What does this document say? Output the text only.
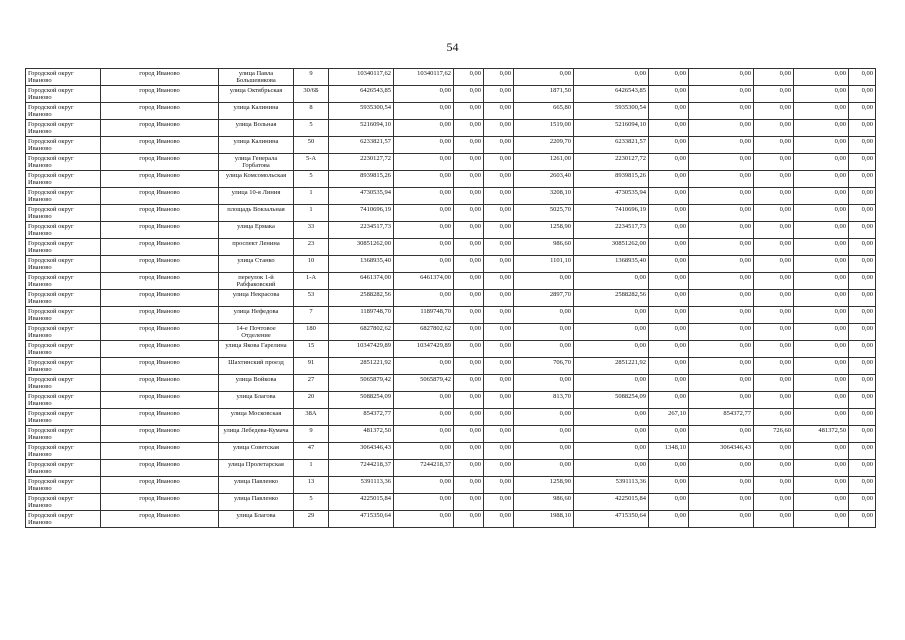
54
Городской округ Иваново	город Иваново	улица Павла Большевикова	9	10340117,62	10340117,62	0,00	0,00	0,00	0,00	0,00	0,00	0,00	0,00	0,00
Городской округ Иваново	город Иваново	улица Октябрьская	30/6Б	6426543,85	0,00	0,00	0,00	1871,50	6426543,85	0,00	0,00	0,00	0,00	0,00
Городской округ Иваново	город Иваново	улица Калинина	8	5935300,54	0,00	0,00	0,00	665,80	5935300,54	0,00	0,00	0,00	0,00	0,00
Городской округ Иваново	город Иваново	улица Вольная	5	5216094,10	0,00	0,00	0,00	1519,00	5216094,10	0,00	0,00	0,00	0,00	0,00
Городской округ Иваново	город Иваново	улица Калинина	50	6233821,57	0,00	0,00	0,00	2209,70	6233821,57	0,00	0,00	0,00	0,00	0,00
Городской округ Иваново	город Иваново	улица Генерала Горбатова	5-А	2230127,72	0,00	0,00	0,00	1261,00	2230127,72	0,00	0,00	0,00	0,00	0,00
Городской округ Иваново	город Иваново	улица Комсомольская	5	8939815,26	0,00	0,00	0,00	2603,40	8939815,26	0,00	0,00	0,00	0,00	0,00
Городской округ Иваново	город Иваново	улица 10-я Линия	1	4730535,94	0,00	0,00	0,00	3208,10	4730535,94	0,00	0,00	0,00	0,00	0,00
Городской округ Иваново	город Иваново	площадь Вокзальная	1	7410696,19	0,00	0,00	0,00	5025,70	7410696,19	0,00	0,00	0,00	0,00	0,00
Городской округ Иваново	город Иваново	улица Ермака	33	2234517,73	0,00	0,00	0,00	1258,90	2234517,73	0,00	0,00	0,00	0,00	0,00
Городской округ Иваново	город Иваново	проспект Ленина	23	30851262,00	0,00	0,00	0,00	986,60	30851262,00	0,00	0,00	0,00	0,00	0,00
Городской округ Иваново	город Иваново	улица Станко	10	1368935,40	0,00	0,00	0,00	1101,10	1368935,40	0,00	0,00	0,00	0,00	0,00
Городской округ Иваново	город Иваново	переулок 1-й Рабфаковский	1-А	6461374,00	6461374,00	0,00	0,00	0,00	0,00	0,00	0,00	0,00	0,00	0,00
Городской округ Иваново	город Иваново	улица Некрасова	53	2588282,56	0,00	0,00	0,00	2897,70	2588282,56	0,00	0,00	0,00	0,00	0,00
Городской округ Иваново	город Иваново	улица Нефедова	7	1189748,70	1189748,70	0,00	0,00	0,00	0,00	0,00	0,00	0,00	0,00	0,00
Городской округ Иваново	город Иваново	14-е Почтовое Отделение	180	6827802,62	6827802,62	0,00	0,00	0,00	0,00	0,00	0,00	0,00	0,00	0,00
Городской округ Иваново	город Иваново	улица Якова Гарелина	15	10347429,89	10347429,89	0,00	0,00	0,00	0,00	0,00	0,00	0,00	0,00	0,00
Городской округ Иваново	город Иваново	Шахтинский проезд	91	2851221,92	0,00	0,00	0,00	706,70	2851221,92	0,00	0,00	0,00	0,00	0,00
Городской округ Иваново	город Иваново	улица Войкова	27	5065879,42	5065879,42	0,00	0,00	0,00	0,00	0,00	0,00	0,00	0,00	0,00
Городской округ Иваново	город Иваново	улица Благова	20	5088254,09	0,00	0,00	0,00	813,70	5088254,09	0,00	0,00	0,00	0,00	0,00
Городской округ Иваново	город Иваново	улица Московская	38А	854372,77	0,00	0,00	0,00	0,00	0,00	267,10	854372,77	0,00	0,00	0,00
Городской округ Иваново	город Иваново	улица Лебедева-Кумача	9	481372,50	0,00	0,00	0,00	0,00	0,00	0,00	0,00	726,60	481372,50	0,00
Городской округ Иваново	город Иваново	улица Советская	47	3064346,43	0,00	0,00	0,00	0,00	0,00	1348,10	3064346,43	0,00	0,00	0,00
Городской округ Иваново	город Иваново	улица Пролетарская	1	7244218,37	7244218,37	0,00	0,00	0,00	0,00	0,00	0,00	0,00	0,00	0,00
Городской округ Иваново	город Иваново	улица Павленко	13	5391113,36	0,00	0,00	0,00	1258,90	5391113,36	0,00	0,00	0,00	0,00	0,00
Городской округ Иваново	город Иваново	улица Павленко	5	4225015,84	0,00	0,00	0,00	986,60	4225015,84	0,00	0,00	0,00	0,00	0,00
Городской округ Иваново	город Иваново	улица Благова	29	4715350,64	0,00	0,00	0,00	1988,10	4715350,64	0,00	0,00	0,00	0,00	0,00
